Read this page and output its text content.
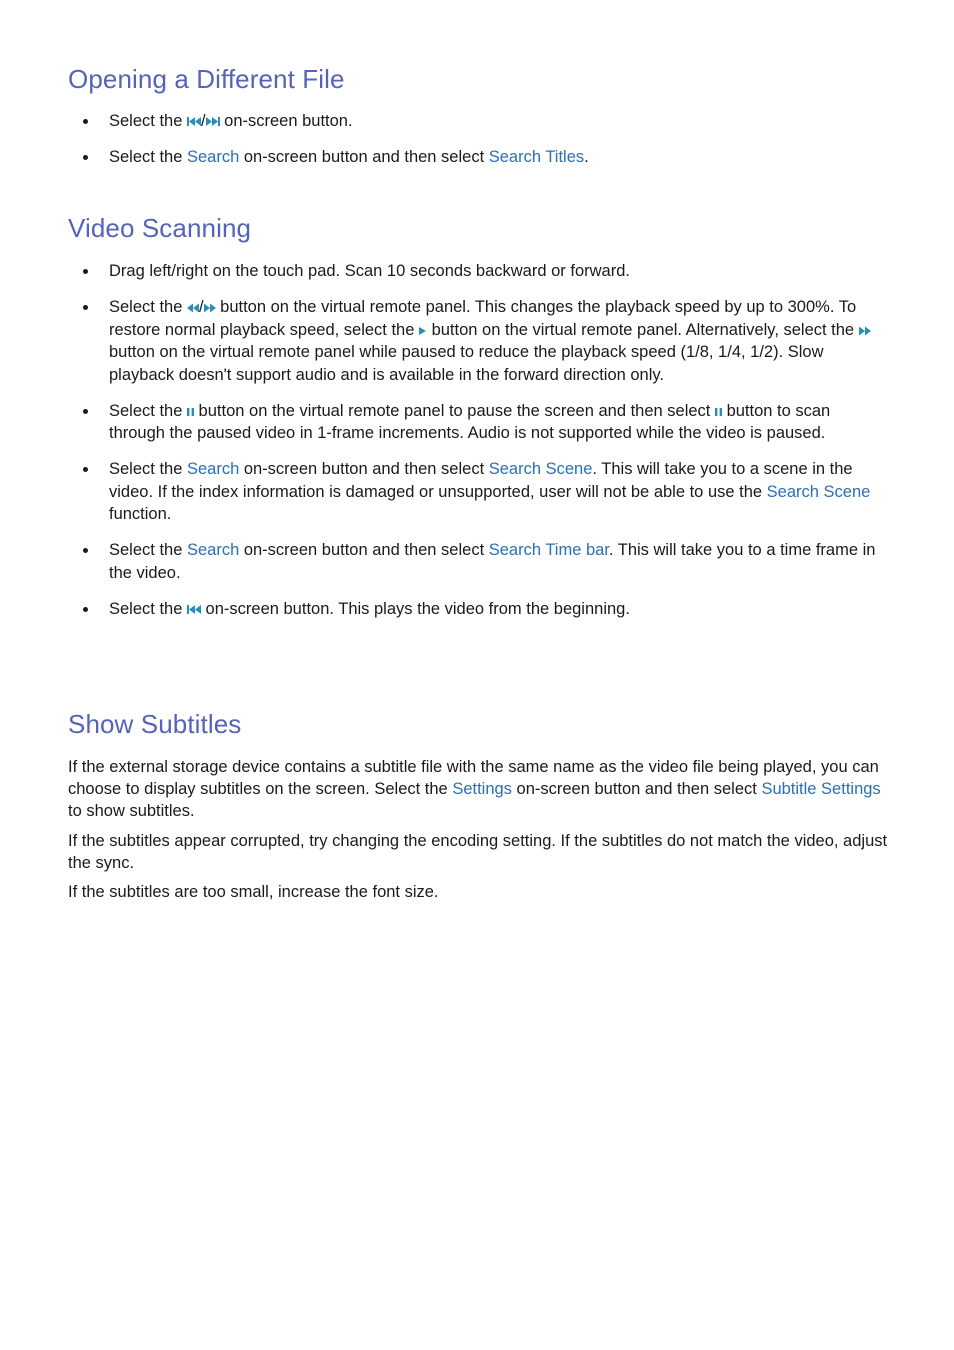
Opening a Different File
Select the
/
on-screen button.
Select the Search on-screen button and then select Search Titles.
Video Scanning
Drag left/right on the touch pad. Scan 10 seconds backward or forward.
Select the
/
button on the virtual remote panel. This changes the playback speed by up to 300%. To restore normal playback speed, select the
button on the virtual remote panel. Alternatively, select the
button on the virtual remote panel while paused to reduce the playback speed (1/8, 1/4, 1/2). Slow playback doesn't support audio and is available in the forward direction only.
Select the
button on the virtual remote panel to pause the screen and then select
button to scan through the paused video in 1-frame increments. Audio is not supported while the video is paused.
Select the Search on-screen button and then select Search Scene. This will take you to a scene in the video. If the index information is damaged or unsupported, user will not be able to use the Search Scene function.
Select the Search on-screen button and then select Search Time bar. This will take you to a time frame in the video.
Select the
on-screen button. This plays the video from the beginning.
Show Subtitles

If the external storage device contains a subtitle file with the same name as the video file being played, you can choose to display subtitles on the screen. Select the Settings on-screen button and then select Subtitle Settings to show subtitles.

If the subtitles appear corrupted, try changing the encoding setting. If the subtitles do not match the video, adjust the sync.

If the subtitles are too small, increase the font size.
